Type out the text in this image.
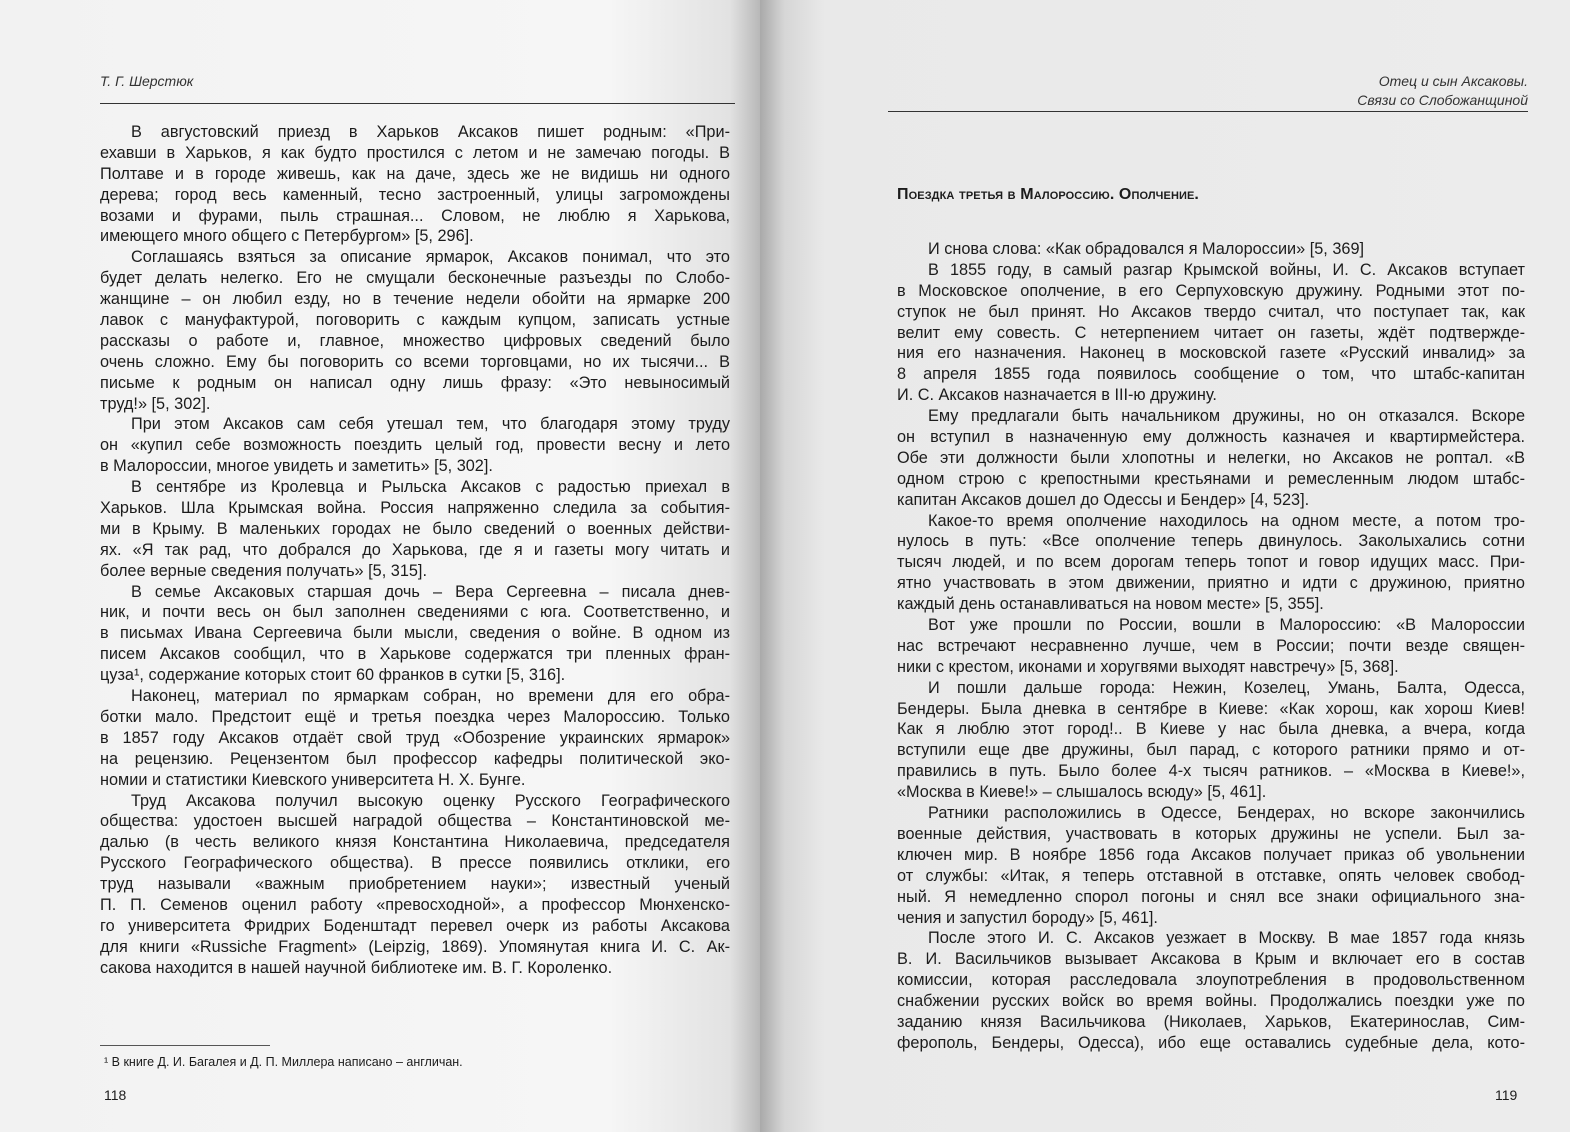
Т. Г. Шерстюк
В августовский приезд в Харьков Аксаков пишет родным: «При-
ехавши в Харьков, я как будто простился с летом и не замечаю погоды. В
Полтаве и в городе живешь, как на даче, здесь же не видишь ни одного
дерева; город весь каменный, тесно застроенный, улицы загромождены
возами и фурами, пыль страшная... Словом, не люблю я Харькова,
имеющего много общего с Петербургом» [5, 296].
Соглашаясь взяться за описание ярмарок, Аксаков понимал, что это
будет делать нелегко. Его не смущали бесконечные разъезды по Слобо-
жанщине – он любил езду, но в течение недели обойти на ярмарке 200
лавок с мануфактурой, поговорить с каждым купцом, записать устные
рассказы о работе и, главное, множество цифровых сведений было
очень сложно. Ему бы поговорить со всеми торговцами, но их тысячи... В
письме к родным он написал одну лишь фразу: «Это невыносимый
труд!» [5, 302].
При этом Аксаков сам себя утешал тем, что благодаря этому труду
он «купил себе возможность поездить целый год, провести весну и лето
в Малороссии, многое увидеть и заметить» [5, 302].
В сентябре из Кролевца и Рыльска Аксаков с радостью приехал в
Харьков. Шла Крымская война. Россия напряженно следила за события-
ми в Крыму. В маленьких городах не было сведений о военных действи-
ях. «Я так рад, что добрался до Харькова, где я и газеты могу читать и
более верные сведения получать» [5, 315].
В семье Аксаковых старшая дочь – Вера Сергеевна – писала днев-
ник, и почти весь он был заполнен сведениями с юга. Соответственно, и
в письмах Ивана Сергеевича были мысли, сведения о войне. В одном из
писем Аксаков сообщил, что в Харькове содержатся три пленных фран-
цуза¹, содержание которых стоит 60 франков в сутки [5, 316].
Наконец, материал по ярмаркам собран, но времени для его обра-
ботки мало. Предстоит ещё и третья поездка через Малороссию. Только
в 1857 году Аксаков отдаёт свой труд «Обозрение украинских ярмарок»
на рецензию. Рецензентом был профессор кафедры политической эко-
номии и статистики Киевского университета Н. Х. Бунге.
Труд Аксакова получил высокую оценку Русского Географического
общества: удостоен высшей наградой общества – Константиновской ме-
далью (в честь великого князя Константина Николаевича, председателя
Русского Географического общества). В прессе появились отклики, его
труд называли «важным приобретением науки»; известный ученый
П. П. Семенов оценил работу «превосходной», а профессор Мюнхенско-
го университета Фридрих Боденштадт перевел очерк из работы Аксакова
для книги «Russiche Fragment» (Leipzig, 1869). Упомянутая книга И. С. Ак-
сакова находится в нашей научной библиотеке им. В. Г. Короленко.
¹ В книге Д. И. Багалея и Д. П. Миллера написано – англичан.
118
Отец и сын Аксаковы.
Связи со Слобожанщиной
Поездка третья в Малороссию. Ополчение.
И снова слова: «Как обрадовался я Малороссии» [5, 369]
В 1855 году, в самый разгар Крымской войны, И. С. Аксаков вступает
в Московское ополчение, в его Серпуховскую дружину. Родными этот по-
ступок не был принят. Но Аксаков твердо считал, что поступает так, как
велит ему совесть. С нетерпением читает он газеты, ждёт подтвержде-
ния его назначения. Наконец в московской газете «Русский инвалид» за
8 апреля 1855 года появилось сообщение о том, что штабс-капитан
И. С. Аксаков назначается в III-ю дружину.
Ему предлагали быть начальником дружины, но он отказался. Вскоре
он вступил в назначенную ему должность казначея и квартирмейстера.
Обе эти должности были хлопотны и нелегки, но Аксаков не роптал. «В
одном строю с крепостными крестьянами и ремесленным людом штабс-
капитан Аксаков дошел до Одессы и Бендер» [4, 523].
Какое-то время ополчение находилось на одном месте, а потом тро-
нулось в путь: «Все ополчение теперь двинулось. Заколыхались сотни
тысяч людей, и по всем дорогам теперь топот и говор идущих масс. При-
ятно участвовать в этом движении, приятно и идти с дружиною, приятно
каждый день останавливаться на новом месте» [5, 355].
Вот уже прошли по России, вошли в Малороссию: «В Малороссии
нас встречают несравненно лучше, чем в России; почти везде священ-
ники с крестом, иконами и хоругвями выходят навстречу» [5, 368].
И пошли дальше города: Нежин, Козелец, Умань, Балта, Одесса,
Бендеры. Была дневка в сентябре в Киеве: «Как хорош, как хорош Киев!
Как я люблю этот город!.. В Киеве у нас была дневка, а вчера, когда
вступили еще две дружины, был парад, с которого ратники прямо и от-
правились в путь. Было более 4-х тысяч ратников. – «Москва в Киеве!»,
«Москва в Киеве!» – слышалось всюду» [5, 461].
Ратники расположились в Одессе, Бендерах, но вскоре закончились
военные действия, участвовать в которых дружины не успели. Был за-
ключен мир. В ноябре 1856 года Аксаков получает приказ об увольнении
от службы: «Итак, я теперь отставной в отставке, опять человек свобод-
ный. Я немедленно спорол погоны и снял все знаки официального зна-
чения и запустил бороду» [5, 461].
После этого И. С. Аксаков уезжает в Москву. В мае 1857 года князь
В. И. Васильчиков вызывает Аксакова в Крым и включает его в состав
комиссии, которая расследовала злоупотребления в продовольственном
снабжении русских войск во время войны. Продолжались поездки уже по
заданию князя Васильчикова (Николаев, Харьков, Екатеринослав, Сим-
ферополь, Бендеры, Одесса), ибо еще оставались судебные дела, кото-
119
